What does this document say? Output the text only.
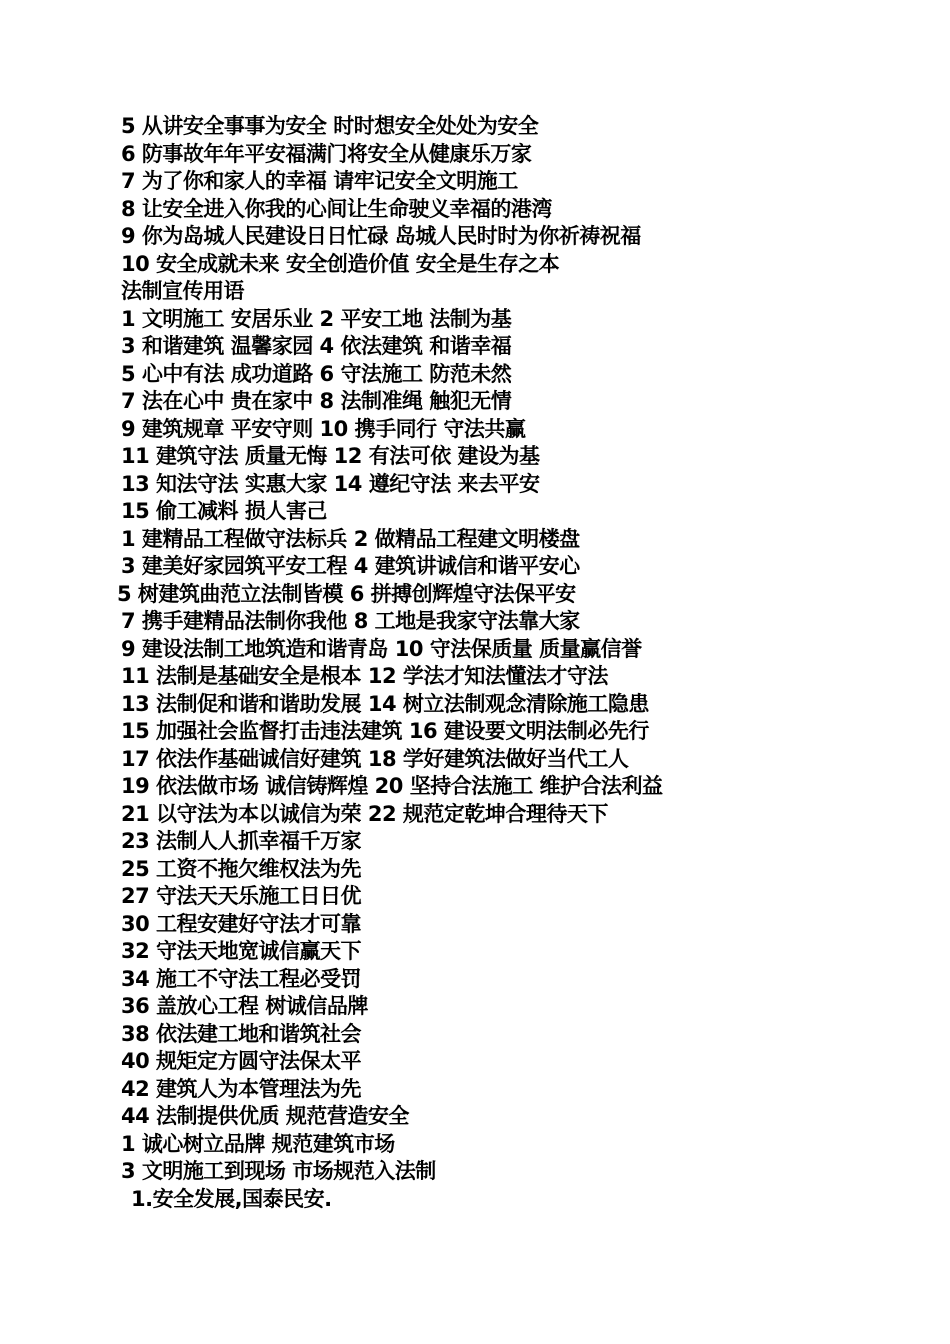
5 从讲安全事事为安全 时时想安全处处为安全
6 防事故年年平安福满门将安全从健康乐万家
7 为了你和家人的幸福 请牢记安全文明施工
8 让安全进入你我的心间让生命驶义幸福的港湾
9 你为岛城人民建设日日忙碌 岛城人民时时为你祈祷祝福
10 安全成就未来 安全创造价值 安全是生存之本
法制宣传用语
1 文明施工 安居乐业 2 平安工地 法制为基
3 和谐建筑 温馨家园 4 依法建筑 和谐幸福
5 心中有法 成功道路 6 守法施工 防范未然
7 法在心中 贵在家中 8 法制准绳 触犯无情
9 建筑规章 平安守则 10 携手同行 守法共赢
11 建筑守法 质量无悔 12 有法可依 建设为基
13 知法守法 实惠大家 14 遵纪守法 来去平安
15 偷工减料 损人害己
1 建精品工程做守法标兵 2 做精品工程建文明楼盘
3 建美好家园筑平安工程 4 建筑讲诚信和谐平安心
5 树建筑曲范立法制皆模 6 拼搏创辉煌守法保平安
7 携手建精品法制你我他 8 工地是我家守法靠大家
9 建设法制工地筑造和谐青岛 10 守法保质量 质量赢信誉
11 法制是基础安全是根本 12 学法才知法懂法才守法
13 法制促和谐和谐助发展 14 树立法制观念清除施工隐患
15 加强社会监督打击违法建筑 16 建设要文明法制必先行
17 依法作基础诚信好建筑 18 学好建筑法做好当代工人
19 依法做市场 诚信铸辉煌 20 坚持合法施工 维护合法利益
21 以守法为本以诚信为荣 22 规范定乾坤合理待天下
23 法制人人抓幸福千万家
25 工资不拖欠维权法为先
27 守法天天乐施工日日优
30 工程安建好守法才可靠
32 守法天地宽诚信赢天下
34 施工不守法工程必受罚
36 盖放心工程 树诚信品牌
38 依法建工地和谐筑社会
40 规矩定方圆守法保太平
42 建筑人为本管理法为先
44 法制提供优质 规范营造安全
1 诚心树立品牌 规范建筑市场
3 文明施工到现场 市场规范入法制
1.安全发展,国泰民安.
